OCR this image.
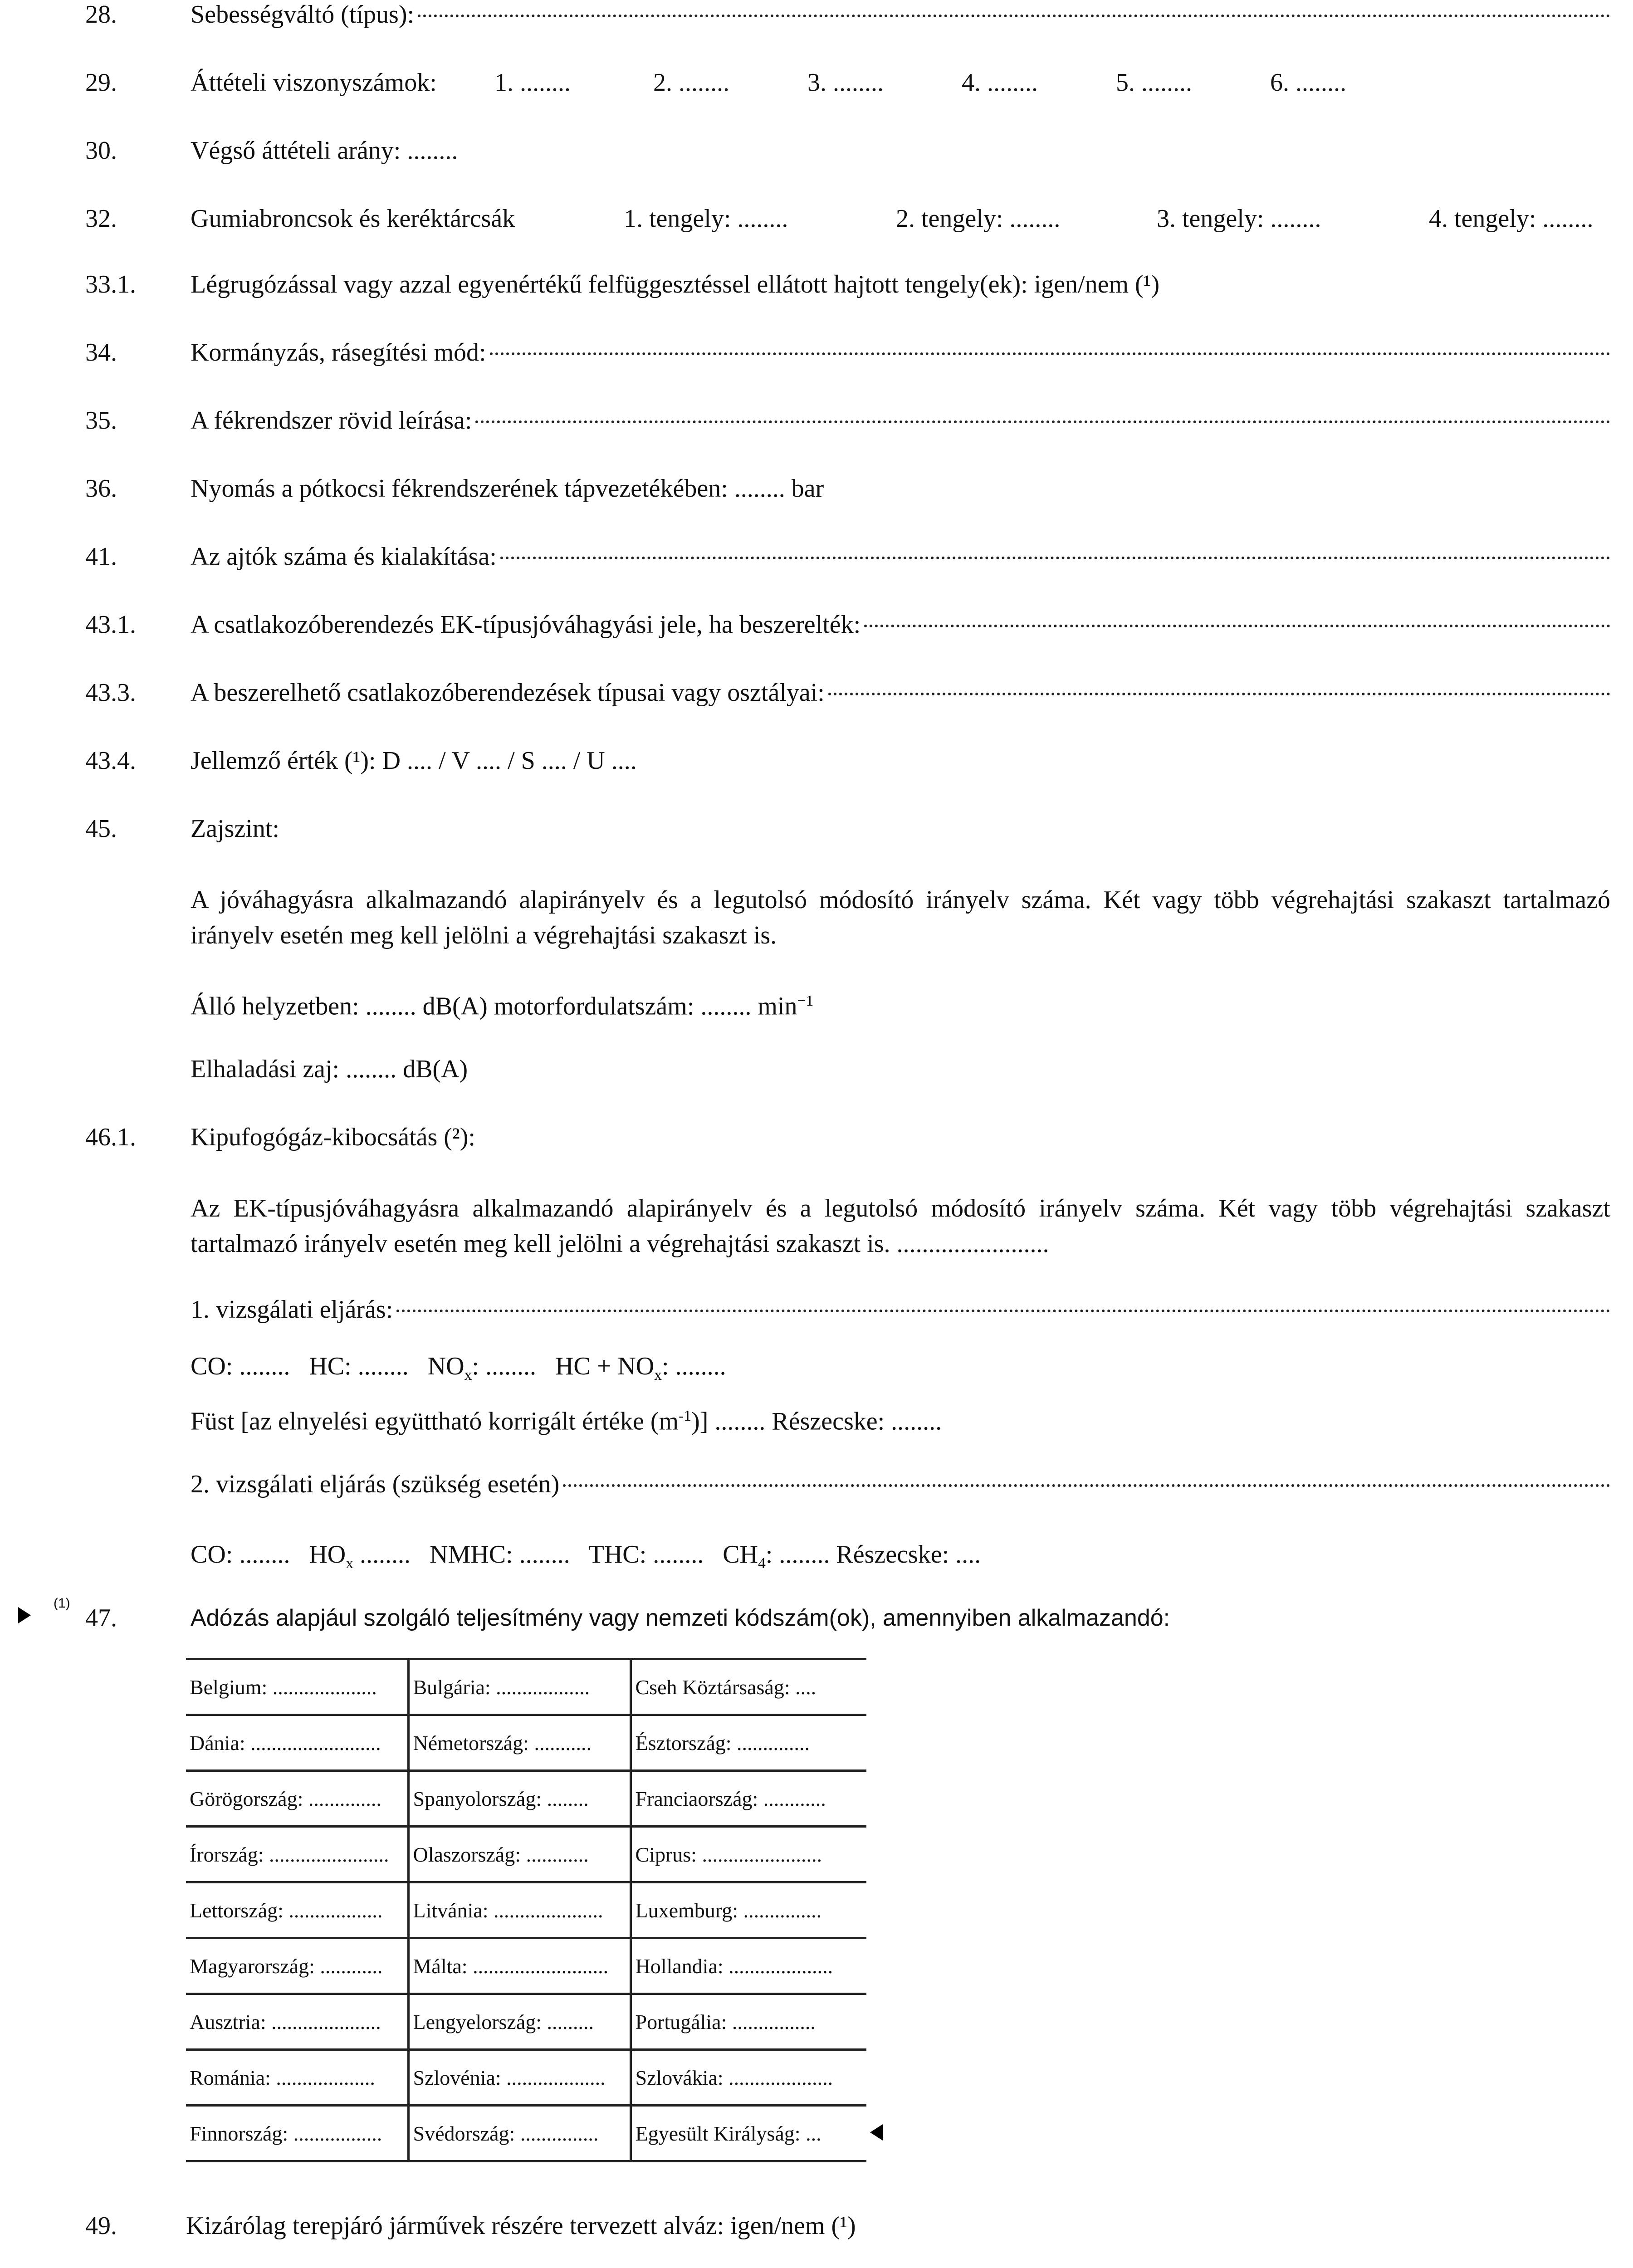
28.	Sebességváltó (típus):
29.	Áttételi viszonyszámok: 1. ........	2. ........	3. ........	4. ........	5. ........	6. ........
30.	Végső áttételi arány: ........
32.	Gumiabroncsok és keréktárcsák	1. tengely: ........	2. tengely: ........	3. tengely: ........	4. tengely: ........
33.1. Légrugózással vagy azzal egyenértékű felfüggesztéssel ellátott hajtott tengely(ek): igen/nem (¹)
34.	Kormányzás, rásegítési mód:
35.	A fékrendszer rövid leírása:
36.	Nyomás a pótkocsi fékrendszerének tápvezetékében: ........ bar
41.	Az ajtók száma és kialakítása:
43.1. A csatlakozóberendezés EK-típusjóváhagyási jele, ha beszerelték:
43.3. A beszerelhető csatlakozóberendezések típusai vagy osztályai:
43.4. Jellemző érték (¹): D .... / V .... / S .... / U ....
45.	Zajszint:
A jóváhagyásra alkalmazandó alapirányelv és a legutolsó módosító irányelv száma. Két vagy több végrehajtási szakaszt tartalmazó irányelv esetén meg kell jelölni a végrehajtási szakaszt is.
Álló helyzetben: ........ dB(A) motorfordulatszám: ........ $\min^{-1}$
Elhaladási zaj: ........ dB(A)
46.1. Kipufogógáz-kibocsátás (²):
Az EK-típusjóváhagyásra alkalmazandó alapirányelv és a legutolsó módosító irányelv száma. Két vagy több végrehajtási szakaszt tartalmazó irányelv esetén meg kell jelölni a végrehajtási szakaszt is. ........................
1. vizsgálati eljárás:
CO: ........ HC: ........ $NO_x$: ........ HC + $NO_x$: ........
Füst [az elnyelési együttható korrigált értéke $(m^{-1})$] ........ Részecske: ........
2. vizsgálati eljárás (szükség esetén)
CO: ........ $HO_x$ ........ NMHC: ........ THC: ........ $CH_4$: ........ Részecske: ....
(1)
47.	Adózás alapjául szolgáló teljesítmény vagy nemzeti kódszám(ok), amennyiben alkalmazandó:
Belgium: ....................	Bulgária: ..................	Cseh Köztársaság: ....
Dánia: .........................	Németország: ...........	Észtország: ..............
Görögország: ..............	Spanyolország: ........	Franciaország: ............
Írország: .......................	Olaszország: ............	Ciprus: .......................
Lettország: ..................	Litvánia: .....................	Luxemburg: ...............
Magyarország: ............	Málta: ..........................	Hollandia: ....................
Ausztria: .....................	Lengyelország: .........	Portugália: ................
Románia: ...................	Szlovénia: ...................	Szlovákia: ....................
Finnország: .................	Svédország: ...............	Egyesült Királyság: ...
49.	Kizárólag terepjáró járművek részére tervezett alváz: igen/nem (¹)
